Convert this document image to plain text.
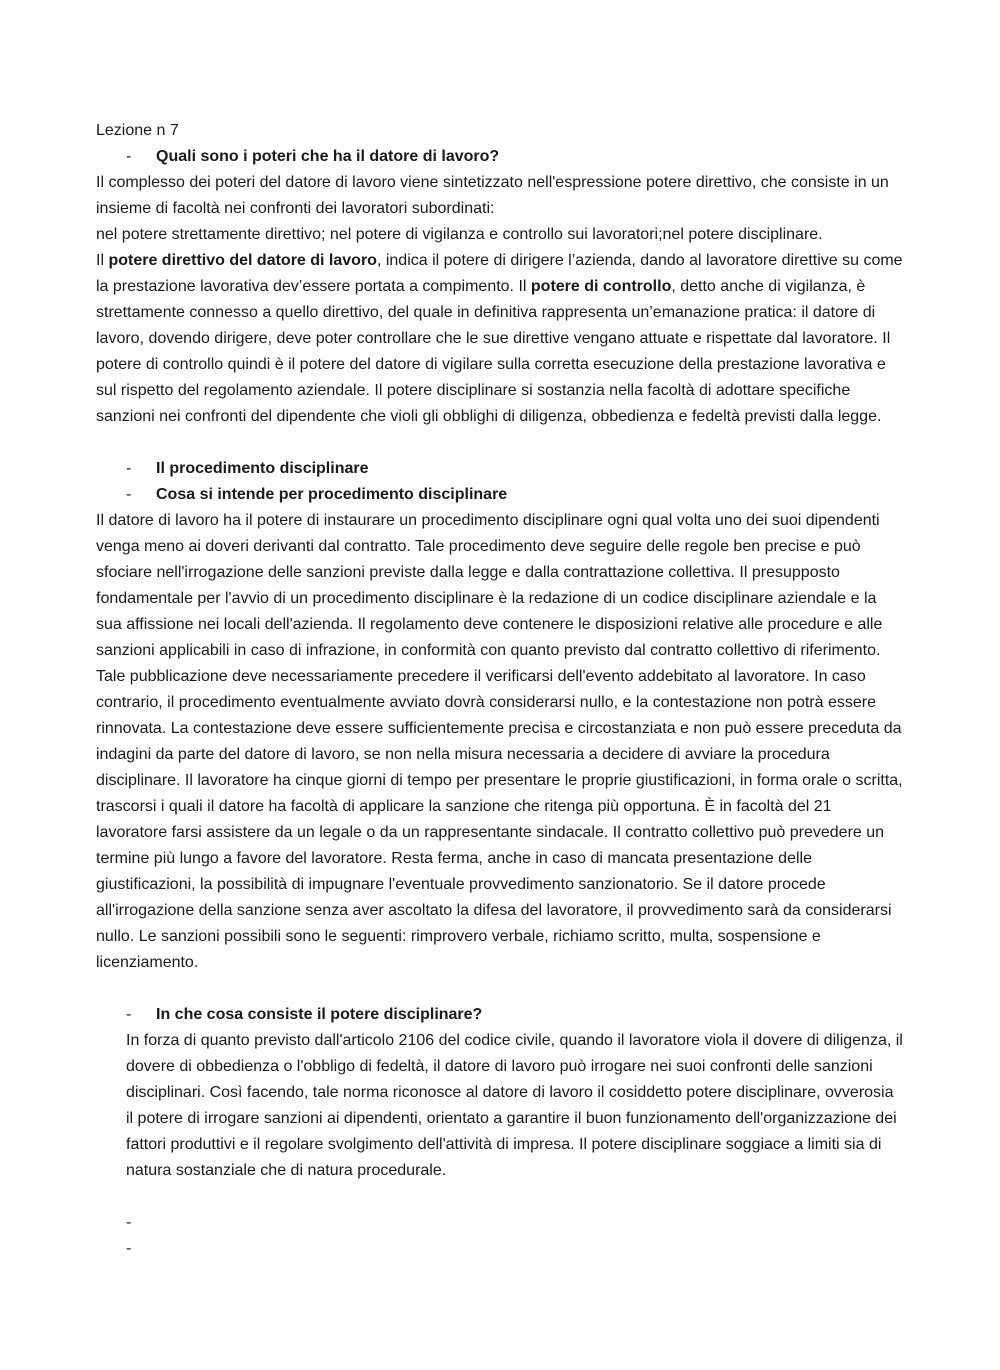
Lezione n 7

- Quali sono i poteri che ha il datore di lavoro?

Il complesso dei poteri del datore di lavoro viene sintetizzato nell'espressione potere direttivo, che consiste in un insieme di facoltà nei confronti dei lavoratori subordinati:

nel potere strettamente direttivo; nel potere di vigilanza e controllo sui lavoratori;nel potere disciplinare.

Il potere direttivo del datore di lavoro, indica il potere di dirigere l’azienda, dando al lavoratore direttive su come la prestazione lavorativa dev’essere portata a compimento. Il potere di controllo, detto anche di vigilanza, è strettamente connesso a quello direttivo, del quale in definitiva rappresenta un’emanazione pratica: il datore di lavoro, dovendo dirigere, deve poter controllare che le sue direttive vengano attuate e rispettate dal lavoratore. Il potere di controllo quindi è il potere del datore di vigilare sulla corretta esecuzione della prestazione lavorativa e sul rispetto del regolamento aziendale. Il potere disciplinare si sostanzia nella facoltà di adottare specifiche sanzioni nei confronti del dipendente che violi gli obblighi di diligenza, obbedienza e fedeltà previsti dalla legge.

- Il procedimento disciplinare
- Cosa si intende per procedimento disciplinare

Il datore di lavoro ha il potere di instaurare un procedimento disciplinare ogni qual volta uno dei suoi dipendenti venga meno ai doveri derivanti dal contratto. Tale procedimento deve seguire delle regole ben precise e può sfociare nell'irrogazione delle sanzioni previste dalla legge e dalla contrattazione collettiva. Il presupposto fondamentale per l'avvio di un procedimento disciplinare è la redazione di un codice disciplinare aziendale e la sua affissione nei locali dell'azienda. Il regolamento deve contenere le disposizioni relative alle procedure e alle sanzioni applicabili in caso di infrazione, in conformità con quanto previsto dal contratto collettivo di riferimento. Tale pubblicazione deve necessariamente precedere il verificarsi dell'evento addebitato al lavoratore. In caso contrario, il procedimento eventualmente avviato dovrà considerarsi nullo, e la contestazione non potrà essere rinnovata. La contestazione deve essere sufficientemente precisa e circostanziata e non può essere preceduta da indagini da parte del datore di lavoro, se non nella misura necessaria a decidere di avviare la procedura disciplinare. Il lavoratore ha cinque giorni di tempo per presentare le proprie giustificazioni, in forma orale o scritta, trascorsi i quali il datore ha facoltà di applicare la sanzione che ritenga più opportuna. È in facoltà del 21 lavoratore farsi assistere da un legale o da un rappresentante sindacale. Il contratto collettivo può prevedere un termine più lungo a favore del lavoratore. Resta ferma, anche in caso di mancata presentazione delle giustificazioni, la possibilità di impugnare l'eventuale provvedimento sanzionatorio. Se il datore procede all'irrogazione della sanzione senza aver ascoltato la difesa del lavoratore, il provvedimento sarà da considerarsi nullo. Le sanzioni possibili sono le seguenti: rimprovero verbale, richiamo scritto, multa, sospensione e licenziamento.

- In che cosa consiste il potere disciplinare?

In forza di quanto previsto dall'articolo 2106 del codice civile, quando il lavoratore viola il dovere di diligenza, il dovere di obbedienza o l'obbligo di fedeltà, il datore di lavoro può irrogare nei suoi confronti delle sanzioni disciplinari. Così facendo, tale norma riconosce al datore di lavoro il cosiddetto potere disciplinare, ovverosia il potere di irrogare sanzioni ai dipendenti, orientato a garantire il buon funzionamento dell'organizzazione dei fattori produttivi e il regolare svolgimento dell'attività di impresa. Il potere disciplinare soggiace a limiti sia di natura sostanziale che di natura procedurale.

-
-
